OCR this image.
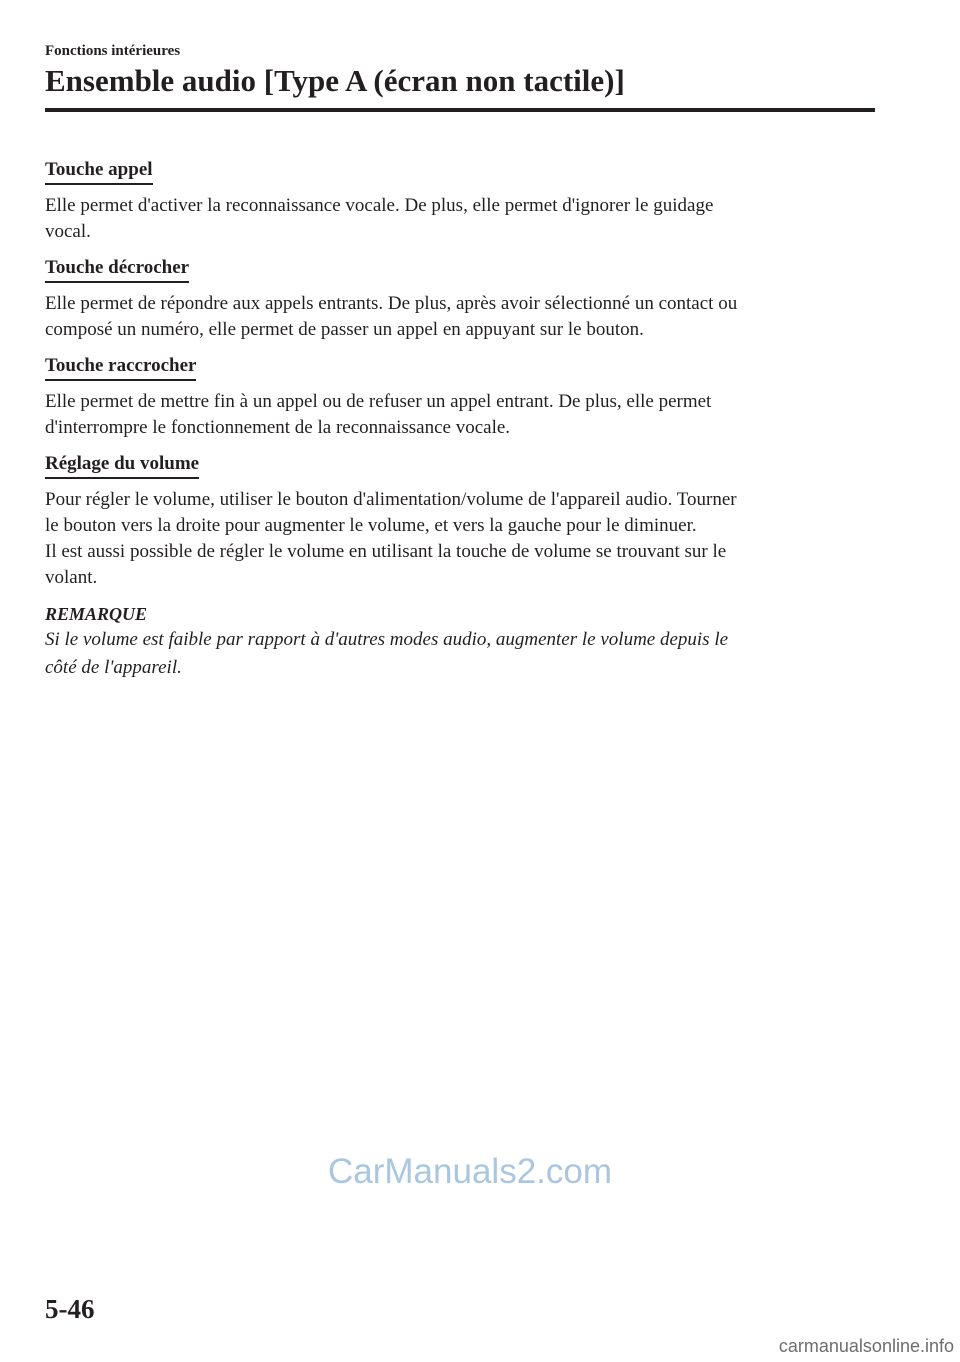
Fonctions intérieures
Ensemble audio [Type A (écran non tactile)]
Touche appel

Elle permet d'activer la reconnaissance vocale. De plus, elle permet d'ignorer le guidage
vocal.

Touche décrocher

Elle permet de répondre aux appels entrants. De plus, après avoir sélectionné un contact ou
composé un numéro, elle permet de passer un appel en appuyant sur le bouton.

Touche raccrocher

Elle permet de mettre fin à un appel ou de refuser un appel entrant. De plus, elle permet
d'interrompre le fonctionnement de la reconnaissance vocale.

Réglage du volume

Pour régler le volume, utiliser le bouton d'alimentation/volume de l'appareil audio. Tourner
le bouton vers la droite pour augmenter le volume, et vers la gauche pour le diminuer.
Il est aussi possible de régler le volume en utilisant la touche de volume se trouvant sur le
volant.

REMARQUE

Si le volume est faible par rapport à d'autres modes audio, augmenter le volume depuis le
côté de l'appareil.

CarManuals2.com
5-46
carmanualsonline.info
